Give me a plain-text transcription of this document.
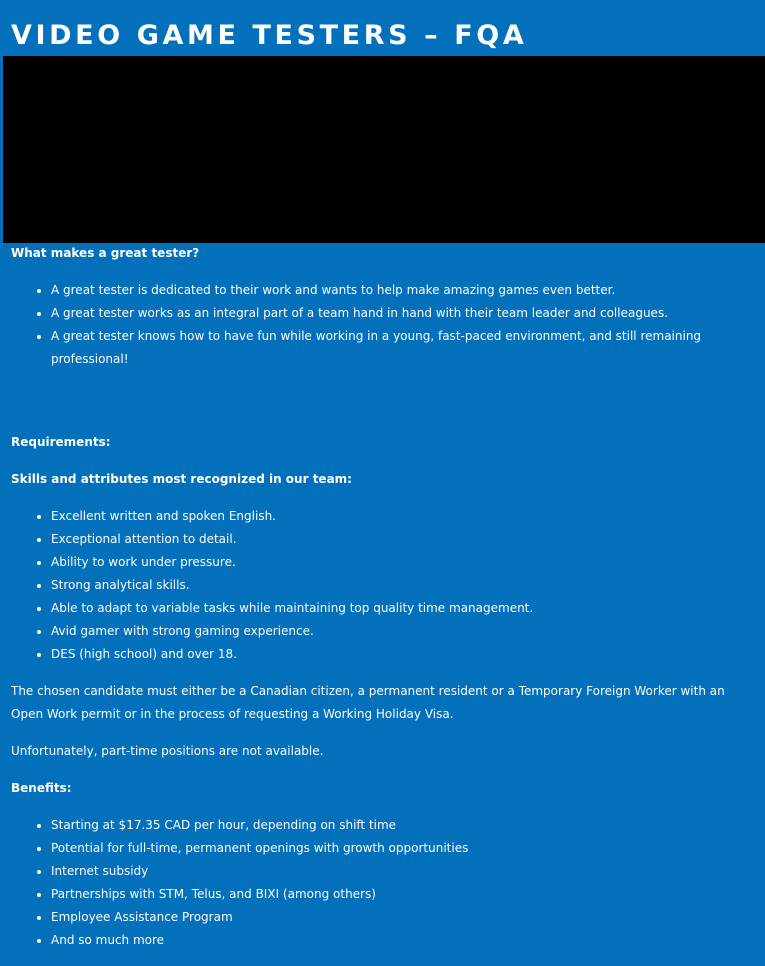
VIDEO GAME TESTERS – FQA

What makes a great tester?

• A great tester is dedicated to their work and wants to help make amazing games even better.
• A great tester works as an integral part of a team hand in hand with their team leader and colleagues.
• A great tester knows how to have fun while working in a young, fast-paced environment, and still remaining professional!

Requirements:

Skills and attributes most recognized in our team:

• Excellent written and spoken English.
• Exceptional attention to detail.
• Ability to work under pressure.
• Strong analytical skills.
• Able to adapt to variable tasks while maintaining top quality time management.
• Avid gamer with strong gaming experience.
• DES (high school) and over 18.

The chosen candidate must either be a Canadian citizen, a permanent resident or a Temporary Foreign Worker with an Open Work permit or in the process of requesting a Working Holiday Visa.

Unfortunately, part-time positions are not available.

Benefits:

• Starting at $17.35 CAD per hour, depending on shift time
• Potential for full-time, permanent openings with growth opportunities
• Internet subsidy
• Partnerships with STM, Telus, and BIXI (among others)
• Employee Assistance Program
• And so much more
